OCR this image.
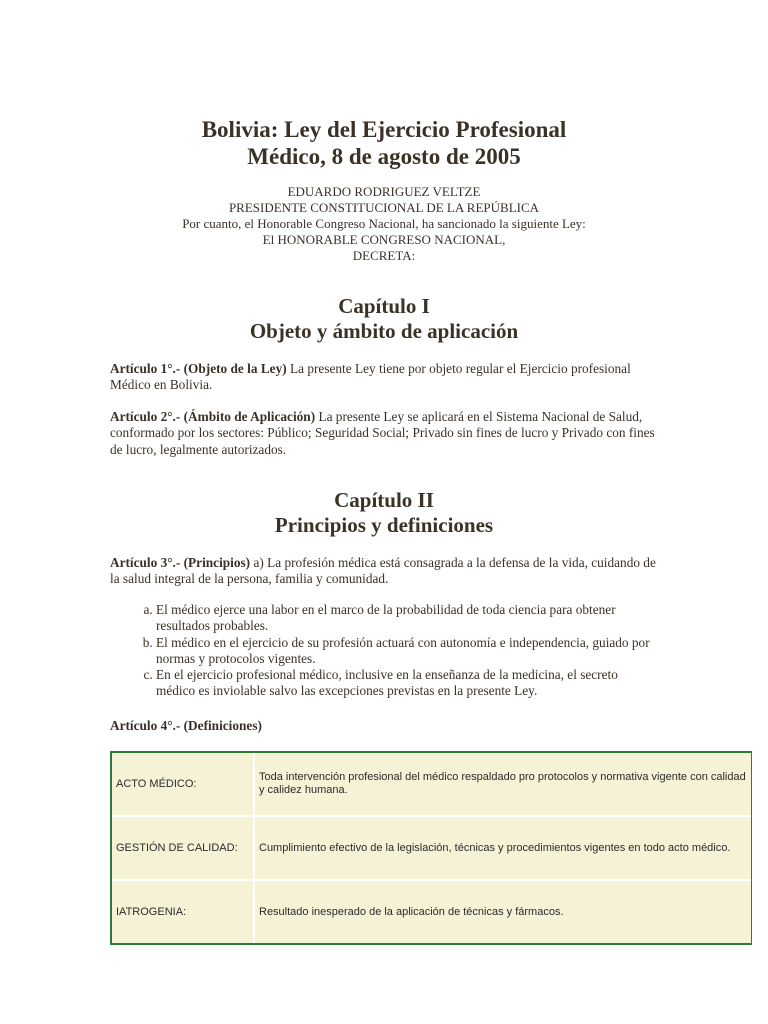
Bolivia: Ley del Ejercicio Profesional
Médico, 8 de agosto de 2005
EDUARDO RODRIGUEZ VELTZE
PRESIDENTE CONSTITUCIONAL DE LA REPÚBLICA
Por cuanto, el Honorable Congreso Nacional, ha sancionado la siguiente Ley:
El HONORABLE CONGRESO NACIONAL,
DECRETA:
Capítulo I
Objeto y ámbito de aplicación

Artículo 1°.- (Objeto de la Ley) La presente Ley tiene por objeto regular el Ejercicio profesional Médico en Bolivia.

Artículo 2°.- (Ámbito de Aplicación) La presente Ley se aplicará en el Sistema Nacional de Salud, conformado por los sectores: Público; Seguridad Social; Privado sin fines de lucro y Privado con fines de lucro, legalmente autorizados.

Capítulo II
Principios y definiciones

Artículo 3°.- (Principios) a) La profesión médica está consagrada a la defensa de la vida, cuidando de la salud integral de la persona, familia y comunidad.

a. El médico ejerce una labor en el marco de la probabilidad de toda ciencia para obtener resultados probables.
b. El médico en el ejercicio de su profesión actuará con autonomía e independencia, guiado por normas y protocolos vigentes.
c. En el ejercicio profesional médico, inclusive en la enseñanza de la medicina, el secreto médico es inviolable salvo las excepciones previstas en la presente Ley.

Artículo 4°.- (Definiciones)

ACTO MÉDICO:	Toda intervención profesional del médico respaldado pro protocolos y normativa vigente con calidad y calidez humana.
GESTIÓN DE CALIDAD:	Cumplimiento efectivo de la legislación, técnicas y procedimientos vigentes en todo acto médico.
IATROGENIA:	Resultado inesperado de la aplicación de técnicas y fármacos.
